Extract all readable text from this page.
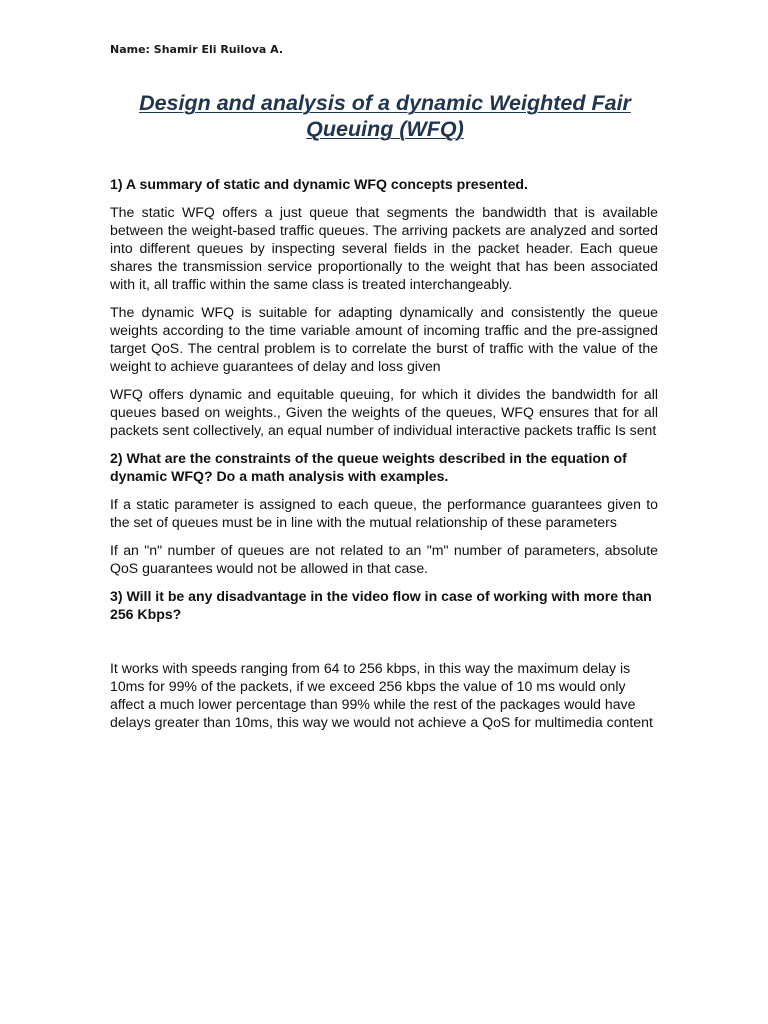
Name: Shamir Eli Ruilova A.
Design and analysis of a dynamic Weighted Fair Queuing (WFQ)
1) A summary of static and dynamic WFQ concepts presented.
The static WFQ offers a just queue that segments the bandwidth that is available between the weight-based traffic queues. The arriving packets are analyzed and sorted into different queues by inspecting several fields in the packet header. Each queue shares the transmission service proportionally to the weight that has been associated with it, all traffic within the same class is treated interchangeably.
The dynamic WFQ is suitable for adapting dynamically and consistently the queue weights according to the time variable amount of incoming traffic and the pre-assigned target QoS. The central problem is to correlate the burst of traffic with the value of the weight to achieve guarantees of delay and loss given
WFQ offers dynamic and equitable queuing, for which it divides the bandwidth for all queues based on weights., Given the weights of the queues, WFQ ensures that for all packets sent collectively, an equal number of individual interactive packets traffic Is sent
2) What are the constraints of the queue weights described in the equation of dynamic WFQ? Do a math analysis with examples.
If a static parameter is assigned to each queue, the performance guarantees given to the set of queues must be in line with the mutual relationship of these parameters
If an "n" number of queues are not related to an "m" number of parameters, absolute QoS guarantees would not be allowed in that case.
3) Will it be any disadvantage in the video flow in case of working with more than 256 Kbps?
It works with speeds ranging from 64 to 256 kbps, in this way the maximum delay is 10ms for 99% of the packets, if we exceed 256 kbps the value of 10 ms would only affect a much lower percentage than 99% while the rest of the packages would have delays greater than 10ms, this way we would not achieve a QoS for multimedia content
